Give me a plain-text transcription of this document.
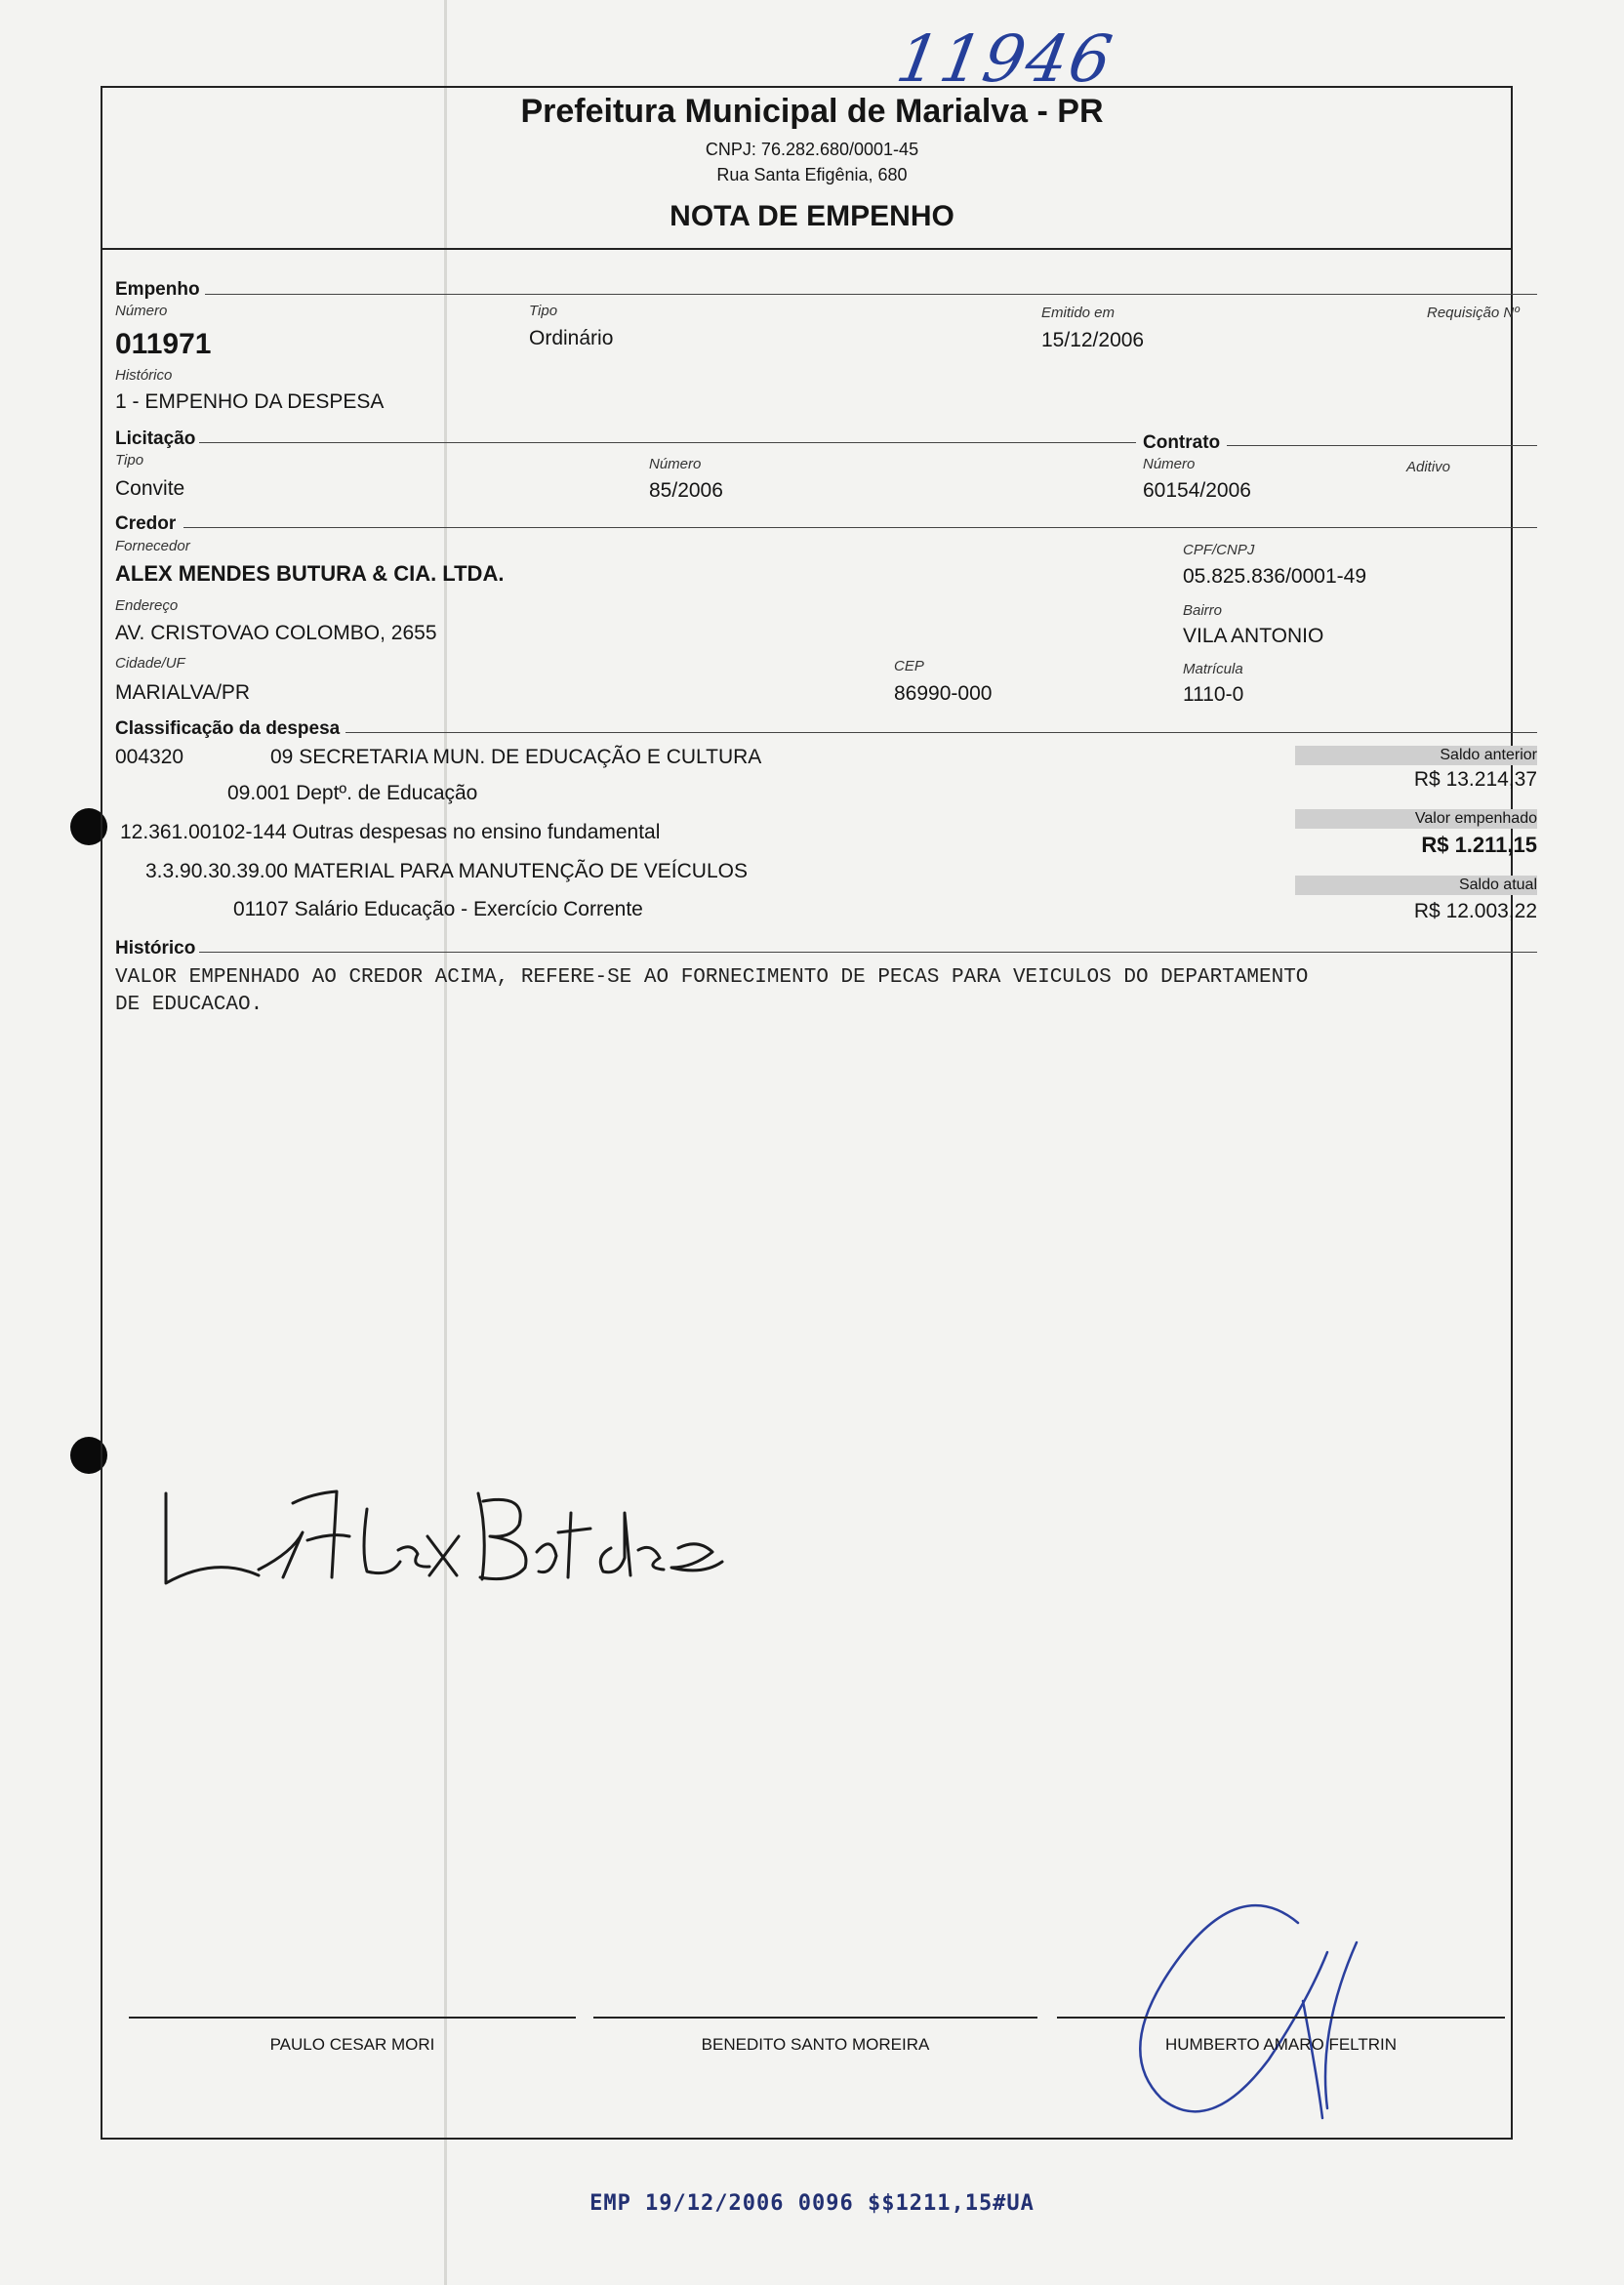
11946
Prefeitura Municipal de Marialva - PR
CNPJ: 76.282.680/0001-45
Rua Santa Efigênia, 680
NOTA DE EMPENHO
Empenho
Número
011971
Tipo
Ordinário
Emitido em
15/12/2006
Requisição Nº
Histórico
1 - EMPENHO DA DESPESA
Licitação	Contrato
Tipo
Convite
Número
85/2006
Número
60154/2006
Aditivo
Credor
Fornecedor
ALEX MENDES BUTURA & CIA. LTDA.
CPF/CNPJ
05.825.836/0001-49
Endereço
AV. CRISTOVAO COLOMBO, 2655
Bairro
VILA ANTONIO
Cidade/UF
MARIALVA/PR
CEP
86990-000
Matrícula
1110-0
Classificação da despesa
004320	09 SECRETARIA MUN. DE EDUCAÇÃO E CULTURA
09.001 Deptº. de Educação
12.361.00102-144 Outras despesas no ensino fundamental
3.3.90.30.39.00 MATERIAL PARA MANUTENÇÃO DE VEÍCULOS
01107 Salário Educação - Exercício Corrente
Saldo anterior
R$ 13.214,37
Valor empenhado
R$ 1.211,15
Saldo atual
R$ 12.003,22
Histórico
VALOR EMPENHADO AO CREDOR ACIMA, REFERE-SE AO FORNECIMENTO DE PECAS PARA VEICULOS DO DEPARTAMENTO
DE EDUCACAO.
PAULO CESAR MORI	BENEDITO SANTO MOREIRA	HUMBERTO AMARO FELTRIN
EMP 19/12/2006 0096 $$1211,15#UA
